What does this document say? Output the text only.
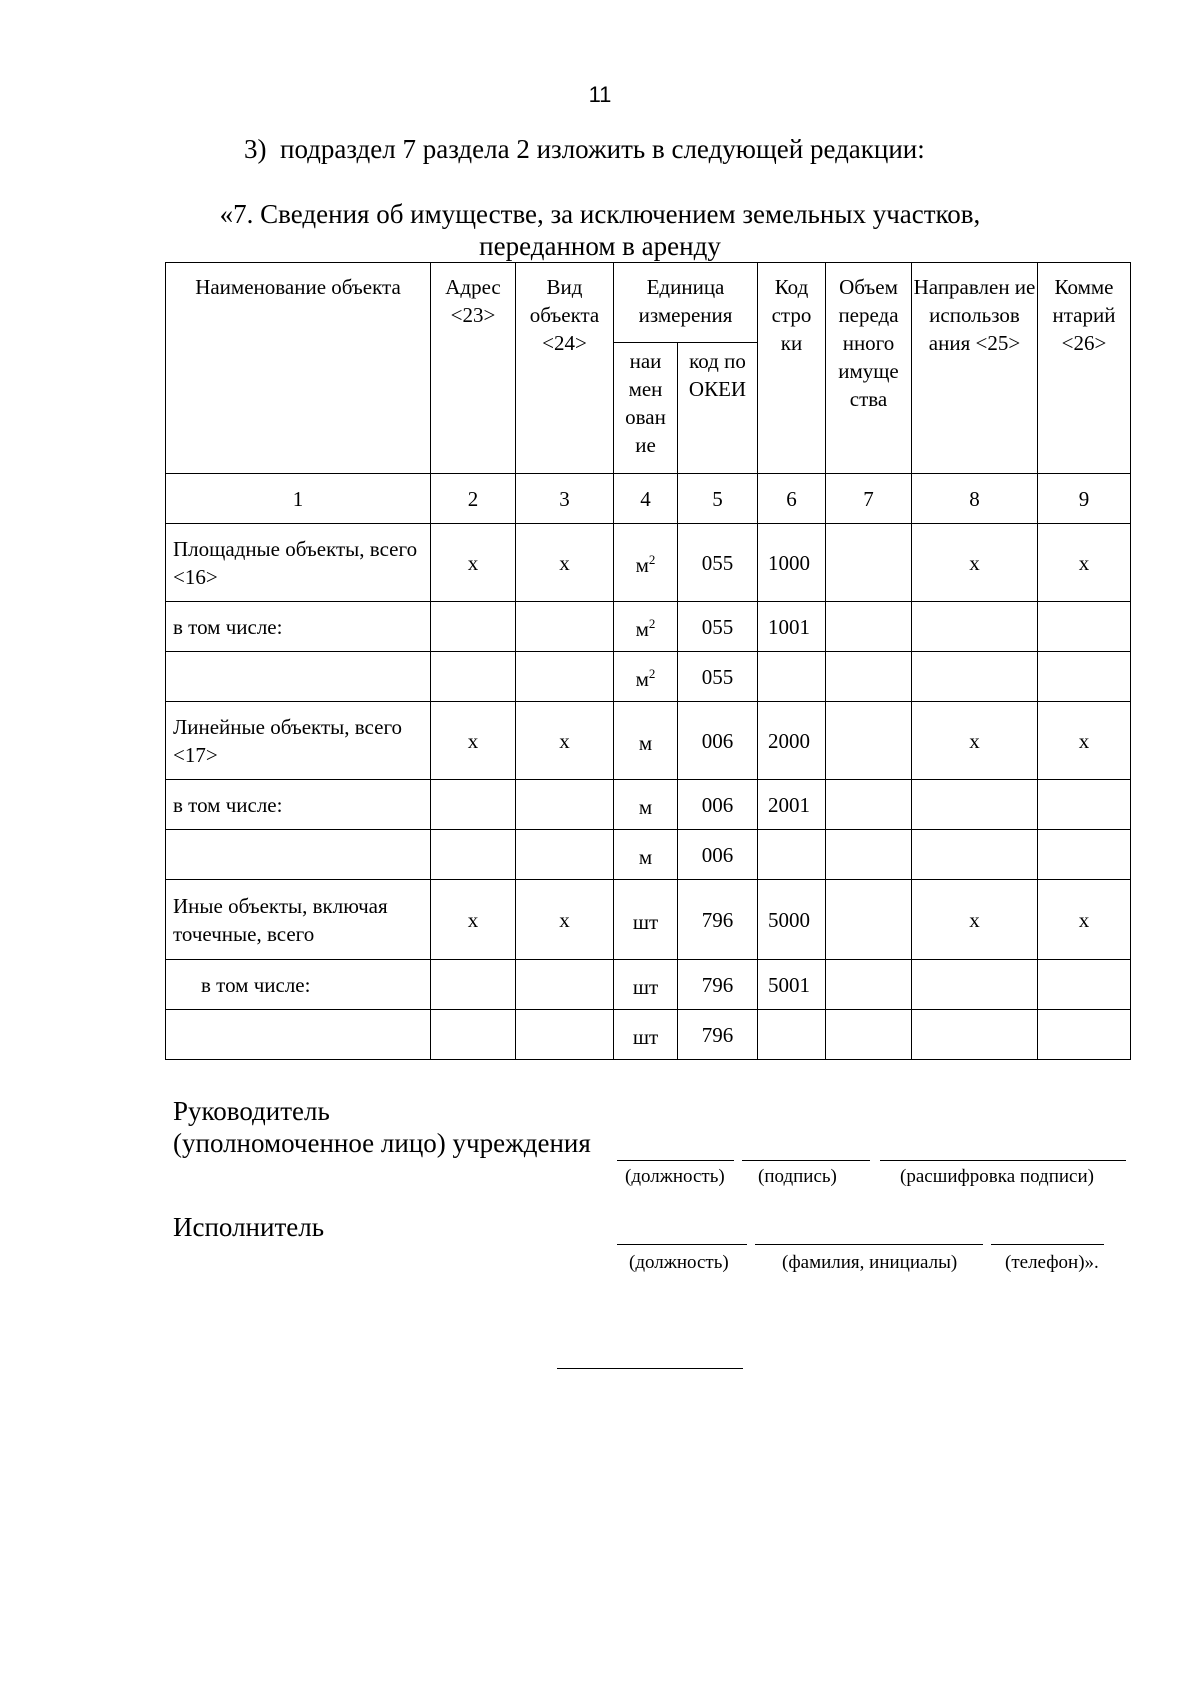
11
3)  подраздел 7 раздела 2 изложить в следующей редакции:
«7. Сведения об имуществе, за исключением земельных участков,
переданном в аренду
Наименование объекта	Адрес <23>	Вид объекта <24>	Единица измерения		Код стро ки	Объем переда нного имуще ства	Направлен ие использов ания <25>	Комме нтарий <26>
			наи мен ован ие	код по ОКЕИ				
1	2	3	4	5	6	7	8	9
Площадные объекты, всего <16>	x	x	$м^2$	055	1000		x	x
в том числе:			$м^2$	055	1001			
			$м^2$	055				
Линейные объекты, всего <17>	x	x	м	006	2000		x	x
в том числе:			м	006	2001			
			м	006				
Иные объекты, включая точечные, всего	x	x	шт	796	5000		x	x
в том числе:			шт	796	5001			
			шт	796				
Руководитель
(уполномоченное лицо) учреждения
(должность) (подпись)	(расшифровка подписи)
Исполнитель
(должность)	(фамилия, инициалы)	(телефон)».
